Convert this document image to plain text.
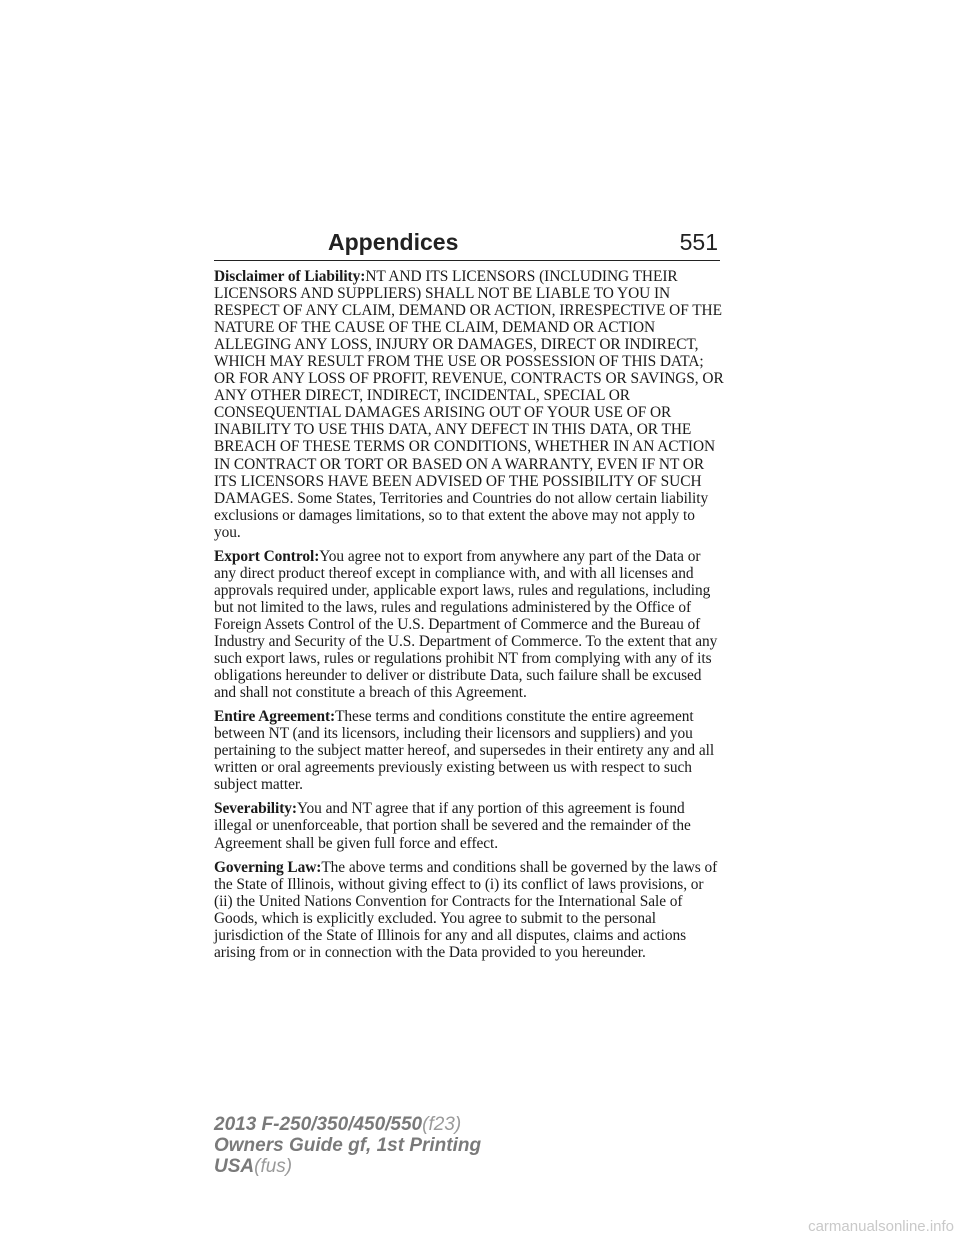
Appendices	551

Disclaimer of Liability:NT AND ITS LICENSORS (INCLUDING THEIR LICENSORS AND SUPPLIERS) SHALL NOT BE LIABLE TO YOU IN RESPECT OF ANY CLAIM, DEMAND OR ACTION, IRRESPECTIVE OF THE NATURE OF THE CAUSE OF THE CLAIM, DEMAND OR ACTION ALLEGING ANY LOSS, INJURY OR DAMAGES, DIRECT OR INDIRECT, WHICH MAY RESULT FROM THE USE OR POSSESSION OF THIS DATA; OR FOR ANY LOSS OF PROFIT, REVENUE, CONTRACTS OR SAVINGS, OR ANY OTHER DIRECT, INDIRECT, INCIDENTAL, SPECIAL OR CONSEQUENTIAL DAMAGES ARISING OUT OF YOUR USE OF OR INABILITY TO USE THIS DATA, ANY DEFECT IN THIS DATA, OR THE BREACH OF THESE TERMS OR CONDITIONS, WHETHER IN AN ACTION IN CONTRACT OR TORT OR BASED ON A WARRANTY, EVEN IF NT OR ITS LICENSORS HAVE BEEN ADVISED OF THE POSSIBILITY OF SUCH DAMAGES. Some States, Territories and Countries do not allow certain liability exclusions or damages limitations, so to that extent the above may not apply to you.

Export Control:You agree not to export from anywhere any part of the Data or any direct product thereof except in compliance with, and with all licenses and approvals required under, applicable export laws, rules and regulations, including but not limited to the laws, rules and regulations administered by the Office of Foreign Assets Control of the U.S. Department of Commerce and the Bureau of Industry and Security of the U.S. Department of Commerce. To the extent that any such export laws, rules or regulations prohibit NT from complying with any of its obligations hereunder to deliver or distribute Data, such failure shall be excused and shall not constitute a breach of this Agreement.

Entire Agreement:These terms and conditions constitute the entire agreement between NT (and its licensors, including their licensors and suppliers) and you pertaining to the subject matter hereof, and supersedes in their entirety any and all written or oral agreements previously existing between us with respect to such subject matter.

Severability:You and NT agree that if any portion of this agreement is found illegal or unenforceable, that portion shall be severed and the remainder of the Agreement shall be given full force and effect.

Governing Law:The above terms and conditions shall be governed by the laws of the State of Illinois, without giving effect to (i) its conflict of laws provisions, or (ii) the United Nations Convention for Contracts for the International Sale of Goods, which is explicitly excluded. You agree to submit to the personal jurisdiction of the State of Illinois for any and all disputes, claims and actions arising from or in connection with the Data provided to you hereunder.

2013 F-250/350/450/550(f23)
Owners Guide gf, 1st Printing
USA(fus)
carmanualsonline.info
